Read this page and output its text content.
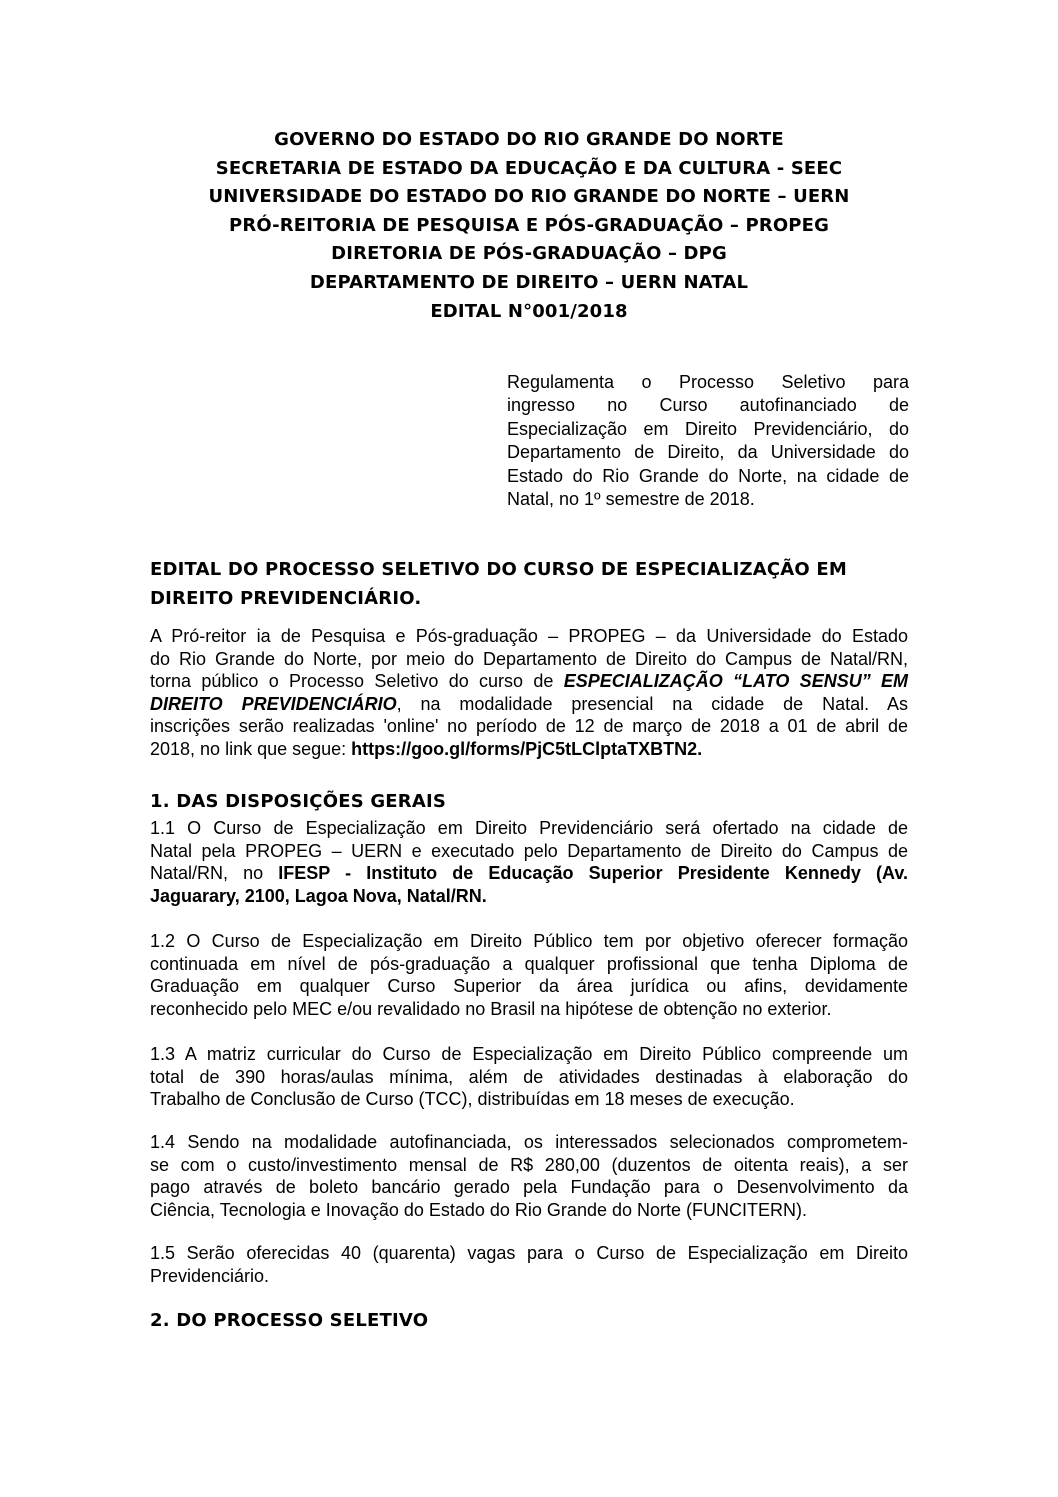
GOVERNO DO ESTADO DO RIO GRANDE DO NORTE
SECRETARIA DE ESTADO DA EDUCAÇÃO E DA CULTURA - SEEC
UNIVERSIDADE DO ESTADO DO RIO GRANDE DO NORTE – UERN
PRÓ-REITORIA DE PESQUISA E PÓS-GRADUAÇÃO – PROPEG
DIRETORIA DE PÓS-GRADUAÇÃO – DPG
DEPARTAMENTO DE DIREITO – UERN NATAL
EDITAL N°001/2018
Regulamenta o Processo Seletivo para
ingresso no Curso autofinanciado de
Especialização em Direito Previdenciário, do
Departamento de Direito, da Universidade do
Estado do Rio Grande do Norte, na cidade de
Natal, no 1º semestre de 2018.
EDITAL DO PROCESSO SELETIVO DO CURSO DE ESPECIALIZAÇÃO EM
DIREITO PREVIDENCIÁRIO.
A Pró-reitor ia de Pesquisa e Pós-graduação – PROPEG – da Universidade do Estado
do Rio Grande do Norte, por meio do Departamento de Direito do Campus de Natal/RN,
torna público o Processo Seletivo do curso de ESPECIALIZAÇÃO “LATO SENSU” EM
DIREITO PREVIDENCIÁRIO, na modalidade presencial na cidade de Natal. As
inscrições serão realizadas 'online' no período de 12 de março de 2018 a 01 de abril de
2018, no link que segue: https://goo.gl/forms/PjC5tLClptaTXBTN2.
1. DAS DISPOSIÇÕES GERAIS
1.1 O Curso de Especialização em Direito Previdenciário será ofertado na cidade de
Natal pela PROPEG – UERN e executado pelo Departamento de Direito do Campus de
Natal/RN, no IFESP - Instituto de Educação Superior Presidente Kennedy (Av.
Jaguarary, 2100, Lagoa Nova, Natal/RN.
1.2 O Curso de Especialização em Direito Público tem por objetivo oferecer formação
continuada em nível de pós-graduação a qualquer profissional que tenha Diploma de
Graduação em qualquer Curso Superior da área jurídica ou afins, devidamente
reconhecido pelo MEC e/ou revalidado no Brasil na hipótese de obtenção no exterior.
1.3 A matriz curricular do Curso de Especialização em Direito Público compreende um
total de 390 horas/aulas mínima, além de atividades destinadas à elaboração do
Trabalho de Conclusão de Curso (TCC), distribuídas em 18 meses de execução.
1.4 Sendo na modalidade autofinanciada, os interessados selecionados comprometem-
se com o custo/investimento mensal de R$ 280,00 (duzentos de oitenta reais), a ser
pago através de boleto bancário gerado pela Fundação para o Desenvolvimento da
Ciência, Tecnologia e Inovação do Estado do Rio Grande do Norte (FUNCITERN).
1.5 Serão oferecidas 40 (quarenta) vagas para o Curso de Especialização em Direito
Previdenciário.
2. DO PROCESSO SELETIVO
